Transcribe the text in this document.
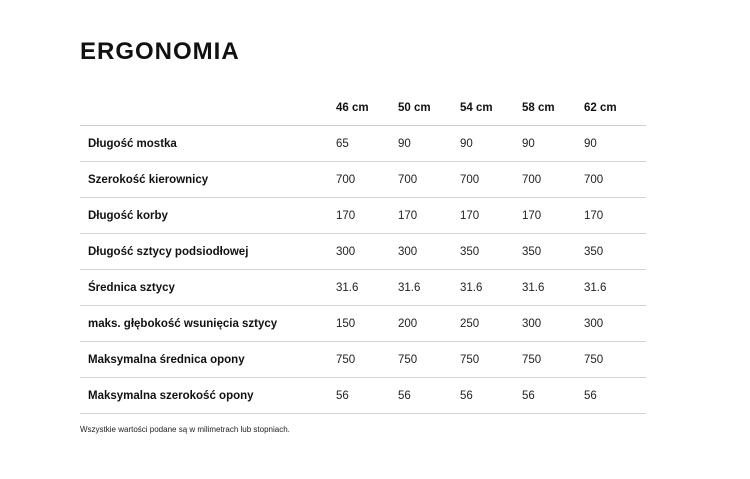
ERGONOMIA
	46 cm	50 cm	54 cm	58 cm	62 cm
Długość mostka	65	90	90	90	90
Szerokość kierownicy	700	700	700	700	700
Długość korby	170	170	170	170	170
Długość sztycy podsiodłowej	300	300	350	350	350
Średnica sztycy	31.6	31.6	31.6	31.6	31.6
maks. głębokość wsunięcia sztycy	150	200	250	300	300
Maksymalna średnica opony	750	750	750	750	750
Maksymalna szerokość opony	56	56	56	56	56

Wszystkie wartości podane są w milimetrach lub stopniach.
